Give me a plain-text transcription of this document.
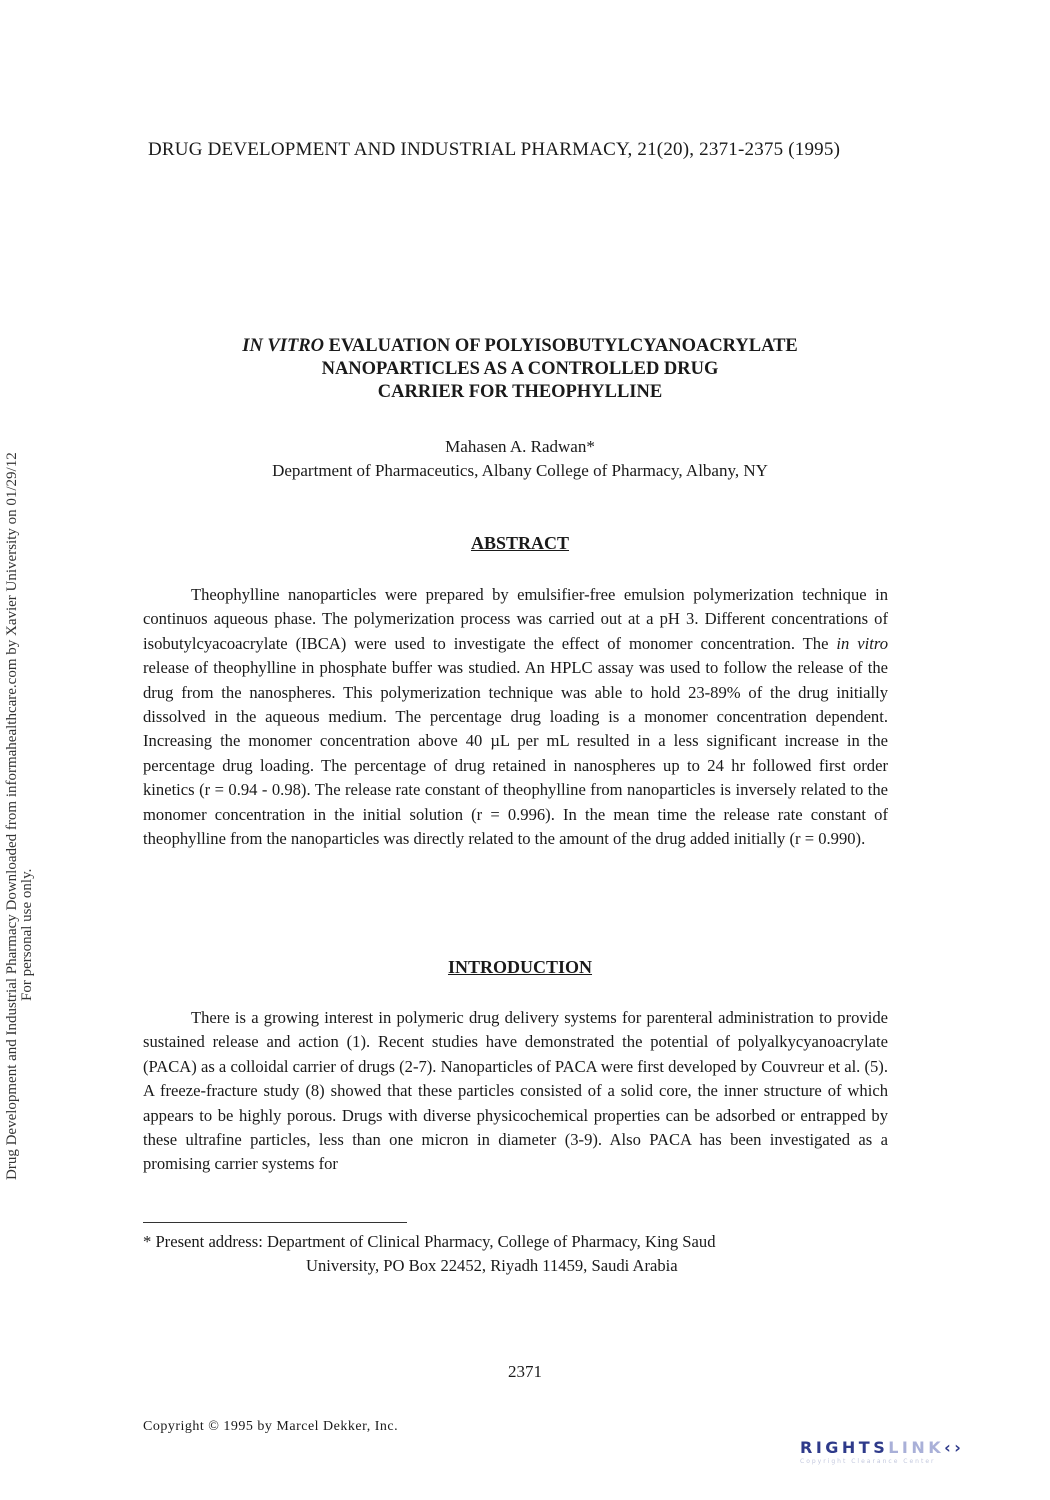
DRUG DEVELOPMENT AND INDUSTRIAL PHARMACY, 21(20), 2371-2375 (1995)
Drug Development and Industrial Pharmacy Downloaded from informahealthcare.com by Xavier University on 01/29/12 For personal use only.
IN VITRO EVALUATION OF POLYISOBUTYLCYANOACRYLATE
NANOPARTICLES AS A CONTROLLED DRUG
CARRIER FOR THEOPHYLLINE
Mahasen A. Radwan*
Department of Pharmaceutics, Albany College of Pharmacy, Albany, NY
ABSTRACT

Theophylline nanoparticles were prepared by emulsifier-free emulsion polymerization technique in continuos aqueous phase. The polymerization process was carried out at a pH 3. Different concentrations of isobutylcyacoacrylate (IBCA) were used to investigate the effect of monomer concentration. The in vitro release of theophylline in phosphate buffer was studied. An HPLC assay was used to follow the release of the drug from the nanospheres. This polymerization technique was able to hold 23-89% of the drug initially dissolved in the aqueous medium. The percentage drug loading is a monomer concentration dependent. Increasing the monomer concentration above 40 µL per mL resulted in a less significant increase in the percentage drug loading. The percentage of drug retained in nanospheres up to 24 hr followed first order kinetics (r = 0.94 - 0.98). The release rate constant of theophylline from nanoparticles is inversely related to the monomer concentration in the initial solution (r = 0.996). In the mean time the release rate constant of theophylline from the nanoparticles was directly related to the amount of the drug added initially (r = 0.990).

INTRODUCTION

There is a growing interest in polymeric drug delivery systems for parenteral administration to provide sustained release and action (1). Recent studies have demonstrated the potential of polyalkycyanoacrylate (PACA) as a colloidal carrier of drugs (2-7). Nanoparticles of PACA were first developed by Couvreur et al. (5). A freeze-fracture study (8) showed that these particles consisted of a solid core, the inner structure of which appears to be highly porous. Drugs with diverse physicochemical properties can be adsorbed or entrapped by these ultrafine particles, less than one micron in diameter (3-9). Also PACA has been investigated as a promising carrier systems for

* Present address: Department of Clinical Pharmacy, College of Pharmacy, King Saud
University, PO Box 22452, Riyadh 11459, Saudi Arabia
2371
Copyright © 1995 by Marcel Dekker, Inc.
RIGHTSLINK‹›
Copyright Clearance Center
